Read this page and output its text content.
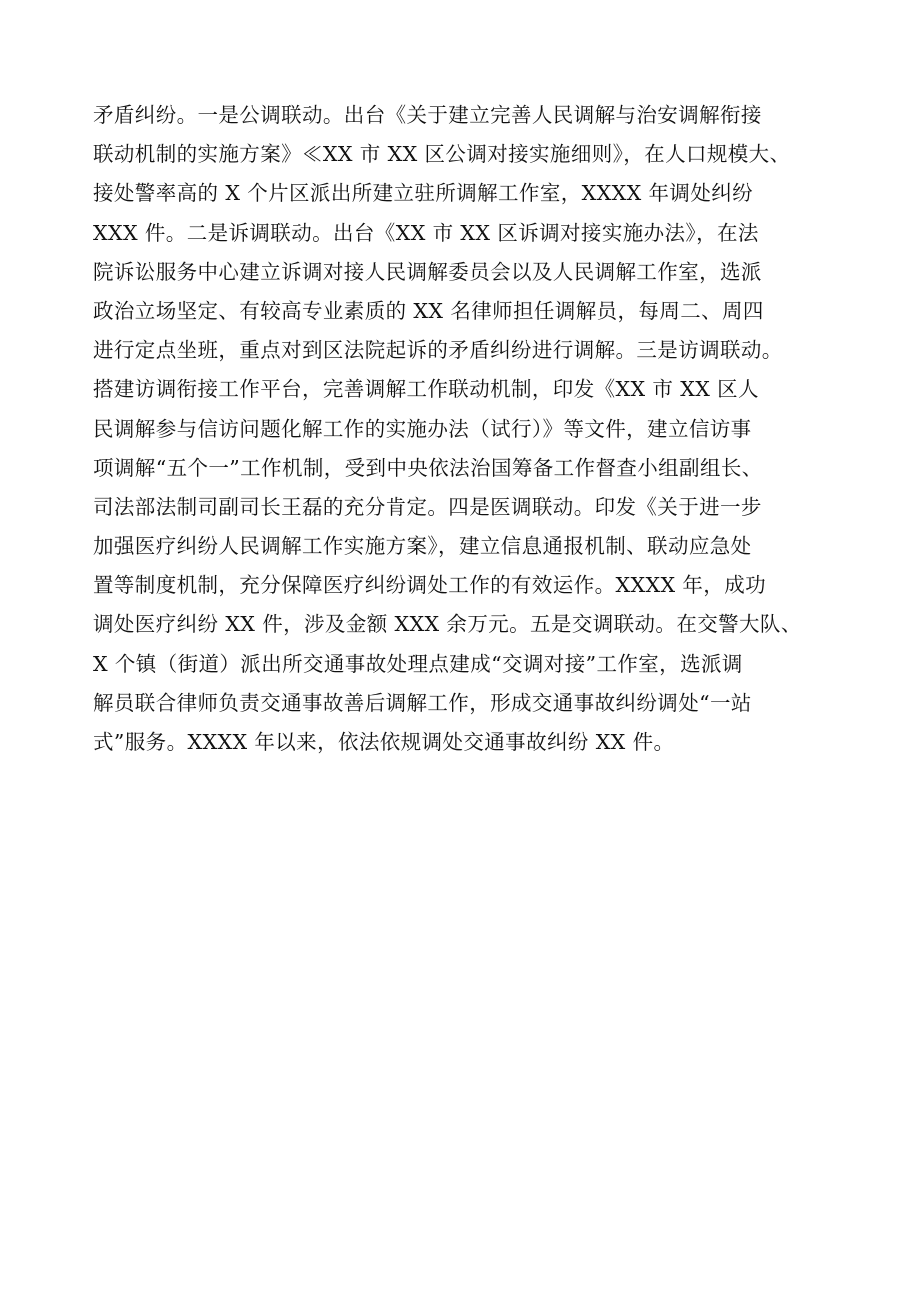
矛盾纠纷。一是公调联动。出台《关于建立完善人民调解与治安调解衔接
联动机制的实施方案》≪XX 市 XX 区公调对接实施细则》，在人口规模大、
接处警率高的 X 个片区派出所建立驻所调解工作室，XXXX 年调处纠纷
XXX 件。二是诉调联动。出台《XX 市 XX 区诉调对接实施办法》，在法
院诉讼服务中心建立诉调对接人民调解委员会以及人民调解工作室，选派
政治立场坚定、有较高专业素质的 XX 名律师担任调解员，每周二、周四
进行定点坐班，重点对到区法院起诉的矛盾纠纷进行调解。三是访调联动。
搭建访调衔接工作平台，完善调解工作联动机制，印发《XX 市 XX 区人
民调解参与信访问题化解工作的实施办法（试行）》等文件，建立信访事
项调解“五个一”工作机制，受到中央依法治国筹备工作督查小组副组长、
司法部法制司副司长王磊的充分肯定。四是医调联动。印发《关于进一步
加强医疗纠纷人民调解工作实施方案》，建立信息通报机制、联动应急处
置等制度机制，充分保障医疗纠纷调处工作的有效运作。XXXX 年，成功
调处医疗纠纷 XX 件，涉及金额 XXX 余万元。五是交调联动。在交警大队、
X 个镇（街道）派出所交通事故处理点建成“交调对接”工作室，选派调
解员联合律师负责交通事故善后调解工作，形成交通事故纠纷调处“一站
式”服务。XXXX 年以来，依法依规调处交通事故纠纷 XX 件。
